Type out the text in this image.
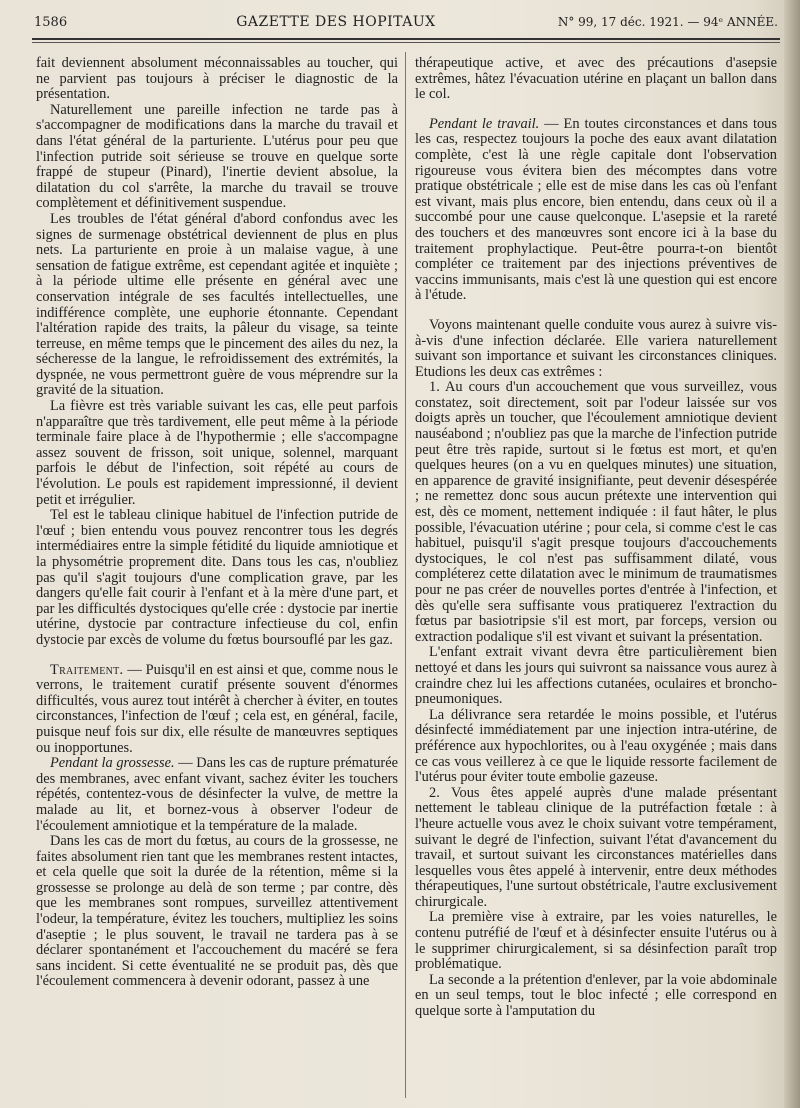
1586	GAZETTE DES HOPITAUX	N° 99, 17 déc. 1921. — 94ᵉ ANNÉE.

fait deviennent absolument méconnaissables au toucher, qui ne parvient pas toujours à préciser le diagnostic de la présentation.

Naturellement une pareille infection ne tarde pas à s'accompagner de modifications dans la marche du travail et dans l'état général de la parturiente. L'utérus pour peu que l'infection putride soit sérieuse se trouve en quelque sorte frappé de stupeur (Pinard), l'inertie devient absolue, la dilatation du col s'arrête, la marche du travail se trouve complètement et définitivement suspendue.

Les troubles de l'état général d'abord confondus avec les signes de surmenage obstétrical deviennent de plus en plus nets. La parturiente en proie à un malaise vague, à une sensation de fatigue extrême, est cependant agitée et inquiète ; à la période ultime elle présente en général avec une conservation intégrale de ses facultés intellectuelles, une indifférence complète, une euphorie étonnante. Cependant l'altération rapide des traits, la pâleur du visage, sa teinte terreuse, en même temps que le pincement des ailes du nez, la sécheresse de la langue, le refroidissement des extrémités, la dyspnée, ne vous permettront guère de vous méprendre sur la gravité de la situation.

La fièvre est très variable suivant les cas, elle peut parfois n'apparaître que très tardivement, elle peut même à la période terminale faire place à de l'hypothermie ; elle s'accompagne assez souvent de frisson, soit unique, solennel, marquant parfois le début de l'infection, soit répété au cours de l'évolution. Le pouls est rapidement impressionné, il devient petit et irrégulier.

Tel est le tableau clinique habituel de l'infection putride de l'œuf ; bien entendu vous pouvez rencontrer tous les degrés intermédiaires entre la simple fétidité du liquide amniotique et la physométrie proprement dite. Dans tous les cas, n'oubliez pas qu'il s'agit toujours d'une complication grave, par les dangers qu'elle fait courir à l'enfant et à la mère d'une part, et par les difficultés dystociques qu'elle crée : dystocie par inertie utérine, dystocie par contracture infectieuse du col, enfin dystocie par excès de volume du fœtus boursouflé par les gaz.

Traitement. — Puisqu'il en est ainsi et que, comme nous le verrons, le traitement curatif présente souvent d'énormes difficultés, vous aurez tout intérêt à chercher à éviter, en toutes circonstances, l'infection de l'œuf ; cela est, en général, facile, puisque neuf fois sur dix, elle résulte de manœuvres septiques ou inopportunes.

Pendant la grossesse. — Dans les cas de rupture prématurée des membranes, avec enfant vivant, sachez éviter les touchers répétés, contentez-vous de désinfecter la vulve, de mettre la malade au lit, et bornez-vous à observer l'odeur de l'écoulement amniotique et la température de la malade.

Dans les cas de mort du fœtus, au cours de la grossesse, ne faites absolument rien tant que les membranes restent intactes, et cela quelle que soit la durée de la rétention, même si la grossesse se prolonge au delà de son terme ; par contre, dès que les membranes sont rompues, surveillez attentivement l'odeur, la température, évitez les touchers, multipliez les soins d'aseptie ; le plus souvent, le travail ne tardera pas à se déclarer spontanément et l'accouchement du macéré se fera sans incident. Si cette éventualité ne se produit pas, dès que l'écoulement commencera à devenir odorant, passez à une

thérapeutique active, et avec des précautions d'asepsie extrêmes, hâtez l'évacuation utérine en plaçant un ballon dans le col.

Pendant le travail. — En toutes circonstances et dans tous les cas, respectez toujours la poche des eaux avant dilatation complète, c'est là une règle capitale dont l'observation rigoureuse vous évitera bien des mécomptes dans votre pratique obstétricale ; elle est de mise dans les cas où l'enfant est vivant, mais plus encore, bien entendu, dans ceux où il a succombé pour une cause quelconque. L'asepsie et la rareté des touchers et des manœuvres sont encore ici à la base du traitement prophylactique. Peut-être pourra-t-on bientôt compléter ce traitement par des injections préventives de vaccins immunisants, mais c'est là une question qui est encore à l'étude.

Voyons maintenant quelle conduite vous aurez à suivre vis-à-vis d'une infection déclarée. Elle variera naturellement suivant son importance et suivant les circonstances cliniques. Etudions les deux cas extrêmes :

1. Au cours d'un accouchement que vous surveillez, vous constatez, soit directement, soit par l'odeur laissée sur vos doigts après un toucher, que l'écoulement amniotique devient nauséabond ; n'oubliez pas que la marche de l'infection putride peut être très rapide, surtout si le fœtus est mort, et qu'en quelques heures (on a vu en quelques minutes) une situation, en apparence de gravité insignifiante, peut devenir désespérée ; ne remettez donc sous aucun prétexte une intervention qui est, dès ce moment, nettement indiquée : il faut hâter, le plus possible, l'évacuation utérine ; pour cela, si comme c'est le cas habituel, puisqu'il s'agit presque toujours d'accouchements dystociques, le col n'est pas suffisamment dilaté, vous compléterez cette dilatation avec le minimum de traumatismes pour ne pas créer de nouvelles portes d'entrée à l'infection, et dès qu'elle sera suffisante vous pratiquerez l'extraction du fœtus par basiotripsie s'il est mort, par forceps, version ou extraction podalique s'il est vivant et suivant la présentation.

L'enfant extrait vivant devra être particulièrement bien nettoyé et dans les jours qui suivront sa naissance vous aurez à craindre chez lui les affections cutanées, oculaires et broncho-pneumoniques.

La délivrance sera retardée le moins possible, et l'utérus désinfecté immédiatement par une injection intra-utérine, de préférence aux hypochlorites, ou à l'eau oxygénée ; mais dans ce cas vous veillerez à ce que le liquide ressorte facilement de l'utérus pour éviter toute embolie gazeuse.

2. Vous êtes appelé auprès d'une malade présentant nettement le tableau clinique de la putréfaction fœtale : à l'heure actuelle vous avez le choix suivant votre tempérament, suivant le degré de l'infection, suivant l'état d'avancement du travail, et surtout suivant les circonstances matérielles dans lesquelles vous êtes appelé à intervenir, entre deux méthodes thérapeutiques, l'une surtout obstétricale, l'autre exclusivement chirurgicale.

La première vise à extraire, par les voies naturelles, le contenu putréfié de l'œuf et à désinfecter ensuite l'utérus ou à le supprimer chirurgicalement, si sa désinfection paraît trop problématique.

La seconde a la prétention d'enlever, par la voie abdominale en un seul temps, tout le bloc infecté ; elle correspond en quelque sorte à l'amputation du
